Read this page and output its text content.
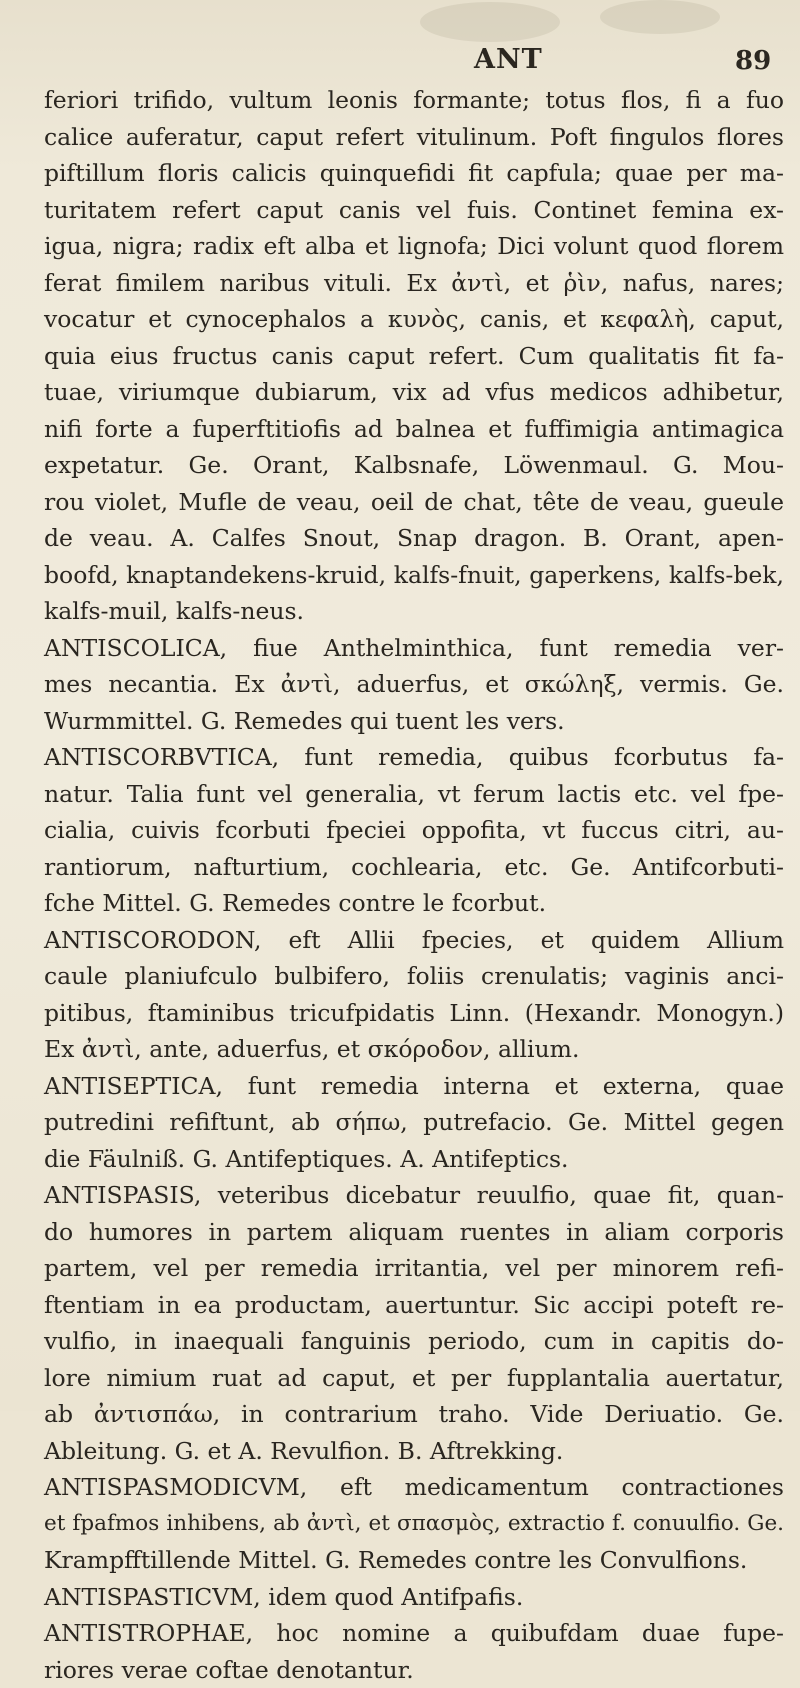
ANT	89
feriori trifido, vultum leonis formante; totus flos, fi a fuo
calice auferatur, caput refert vitulinum. Poft fingulos flores
piftillum floris calicis quinquefidi fit capfula; quae per ma-
turitatem refert caput canis vel fuis. Continet femina ex-
igua, nigra; radix eft alba et lignofa; Dici volunt quod florem
ferat fimilem naribus vituli. Ex ἀντὶ, et ῥὶν, nafus, nares;
vocatur et cynocephalos a κυνὸς, canis, et κεφαλὴ, caput,
quia eius fructus canis caput refert. Cum qualitatis fit fa-
tuae, viriumque dubiarum, vix ad vfus medicos adhibetur,
nifi forte a fuperftitiofis ad balnea et fuffimigia antimagica
expetatur. Ge. Orant, Kalbsnafe, Löwenmaul. G. Mou-
rou violet, Mufle de veau, oeil de chat, tête de veau, gueule
de veau. A. Calfes Snout, Snap dragon. B. Orant, apen-
boofd, knaptandekens-kruid, kalfs-fnuit, gaperkens, kalfs-bek,
kalfs-muil, kalfs-neus.
ANTISCOLICA, fiue Anthelminthica, funt remedia ver-
mes necantia. Ex ἀντὶ, aduerfus, et σκώληξ, vermis. Ge.
Wurmmittel. G. Remedes qui tuent les vers.
ANTISCORBVTICA, funt remedia, quibus fcorbutus fa-
natur. Talia funt vel generalia, vt ferum lactis etc. vel fpe-
cialia, cuivis fcorbuti fpeciei oppofita, vt fuccus citri, au-
rantiorum, nafturtium, cochlearia, etc. Ge. Antifcorbuti-
fche Mittel. G. Remedes contre le fcorbut.
ANTISCORODON, eft Allii fpecies, et quidem Allium
caule planiufculo bulbifero, foliis crenulatis; vaginis anci-
pitibus, ftaminibus tricufpidatis Linn. (Hexandr. Monogyn.)
Ex ἀντὶ, ante, aduerfus, et σκόροδον, allium.
ANTISEPTICA, funt remedia interna et externa, quae
putredini refiftunt, ab σήπω, putrefacio. Ge. Mittel gegen
die Fäulniß. G. Antifeptiques. A. Antifeptics.
ANTISPASIS, veteribus dicebatur reuulfio, quae fit, quan-
do humores in partem aliquam ruentes in aliam corporis
partem, vel per remedia irritantia, vel per minorem refi-
ftentiam in ea productam, auertuntur. Sic accipi poteft re-
vulfio, in inaequali fanguinis periodo, cum in capitis do-
lore nimium ruat ad caput, et per fupplantalia auertatur,
ab ἀντισπάω, in contrarium traho. Vide Deriuatio. Ge.
Ableitung. G. et A. Revulfion. B. Aftrekking.
ANTISPASMODICVM, eft medicamentum contractiones
et fpafmos inhibens, ab ἀντὶ, et σπασμὸς, extractio f. conuulfio. Ge.
Krampfftillende Mittel. G. Remedes contre les Convulfions.
ANTISPASTICVM, idem quod Antifpafis.
ANTISTROPHAE, hoc nomine a quibufdam duae fupe-
riores verae coftae denotantur.
